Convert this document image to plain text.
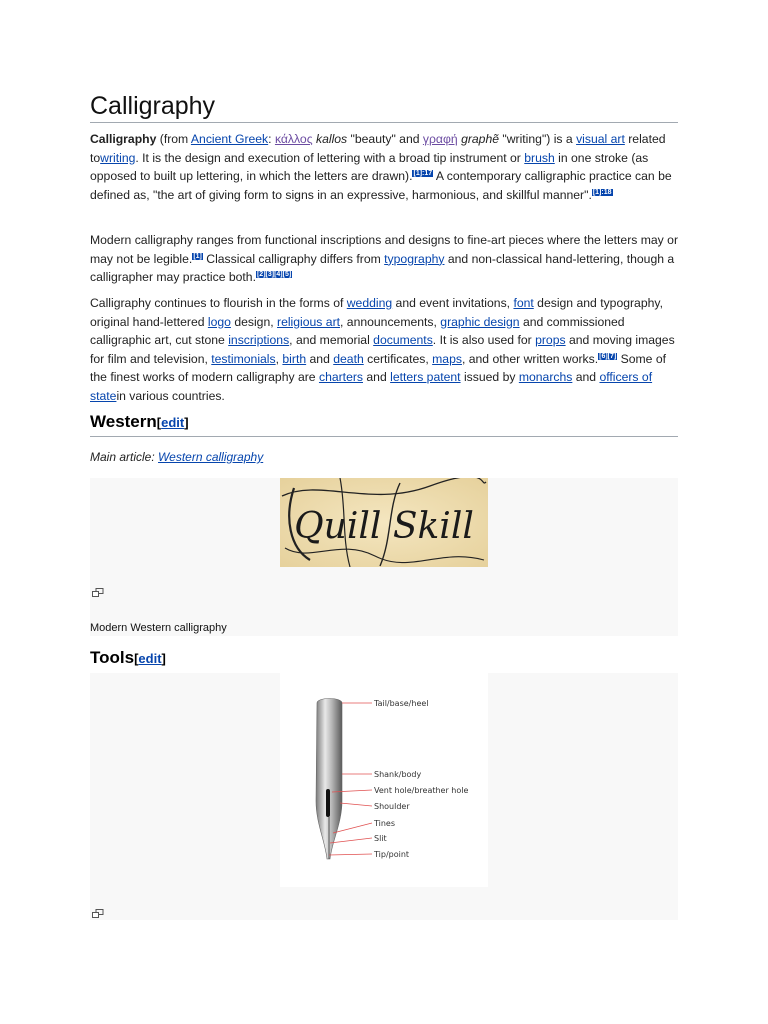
Calligraphy

Calligraphy (from Ancient Greek: κάλλος kallos "beauty" and γραφή graphẽ "writing") is a visual art related towriting. It is the design and execution of lettering with a broad tip instrument or brush in one stroke (as opposed to built up lettering, in which the letters are drawn).$^{[1]:17}$ A contemporary calligraphic practice can be defined as, "the art of giving form to signs in an expressive, harmonious, and skillful manner".$^{[1]:18}$

Modern calligraphy ranges from functional inscriptions and designs to fine-art pieces where the letters may or may not be legible.[1] Classical calligraphy differs from typography and non-classical hand-lettering, though a calligrapher may practice both.[2][3][4][5]

Calligraphy continues to flourish in the forms of wedding and event invitations, font design and typography, original hand-lettered logo design, religious art, announcements, graphic design and commissioned calligraphic art, cut stone inscriptions, and memorial documents. It is also used for props and moving images for film and television, testimonials, birth and death certificates, maps, and other written works.[6][7] Some of the finest works of modern calligraphy are charters and letters patent issued by monarchs and officers of statein various countries.

Western[edit]
Main article: Western calligraphy
Quill Skill
Modern Western calligraphy
Tools[edit]
Tail/base/heel
Shank/body
Vent hole/breather hole
Shoulder
Tines
Slit
Tip/point
